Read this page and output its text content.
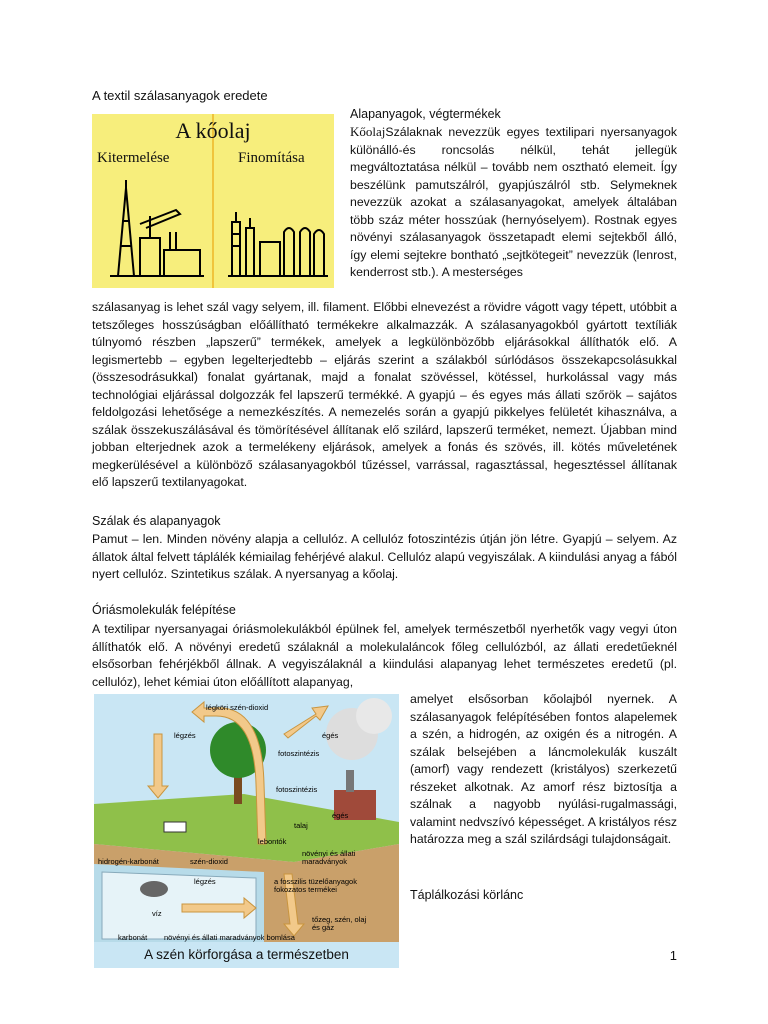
A textil szálasanyagok eredete
A kőolaj
Kitermelése	Finomítása
Alapanyagok, végtermékek
KőolajSzálaknak nevezzük egyes textilipari nyersanyagok különálló-és roncsolás nélkül, tehát jellegük megváltoztatása nélkül – tovább nem osztható elemeit. Így beszélünk pamutszálról, gyapjúszálról stb. Selymeknek nevezzük azokat a szálasanyagokat, amelyek általában több száz méter hosszúak (hernyóselyem). Rostnak egyes növényi szálasanyagok összetapadt elemi sejtekből álló, így elemi sejtekre bontható „sejtkötegeit” nevezzük (lenrost, kenderrost stb.). A mesterséges
szálasanyag is lehet szál vagy selyem, ill. filament. Előbbi elnevezést a rövidre vágott vagy tépett, utóbbit a tetszőleges hosszúságban előállítható termékekre alkalmazzák. A szálasanyagokból gyártott textíliák túlnyomó részben „lapszerű” termékek, amelyek a legkülönbözőbb eljárásokkal állíthatók elő. A legismertebb – egyben legelterjedtebb – eljárás szerint a szálakból súrlódásos összekapcsolásukkal (összesodrásukkal) fonalat gyártanak, majd a fonalat szövéssel, kötéssel, hurkolással vagy más technológiai eljárással dolgozzák fel lapszerű termékké. A gyapjú – és egyes más állati szőrök – sajátos feldolgozási lehetősége a nemezkészítés. A nemezelés során a gyapjú pikkelyes felületét kihasználva, a szálak összekuszálásával és tömörítésével állítanak elő szilárd, lapszerű terméket, nemezt. Újabban mind jobban elterjednek azok a termelékeny eljárások, amelyek a fonás és szövés, ill. kötés műveletének megkerülésével a különböző szálasanyagokból tűzéssel, varrással, ragasztással, hegesztéssel állítanak elő lapszerű textilanyagokat.
Szálak és alapanyagok
Pamut – len. Minden növény alapja a cellulóz. A cellulóz fotoszintézis útján jön létre. Gyapjú – selyem. Az állatok által felvett táplálék kémiailag fehérjévé alakul. Cellulóz alapú vegyiszálak. A kiindulási anyag a fából nyert cellulóz. Szintetikus szálak. A nyersanyag a kőolaj.
Óriásmolekulák felépítése
A textilipar nyersanyagai óriásmolekulákból épülnek fel, amelyek természetből nyerhetők vagy vegyi úton állíthatók elő. A növényi eredetű szálaknál a molekulaláncok főleg cellulózból, az állati eredetűeknél elsősorban fehérjékből állnak. A vegyiszálaknál a kiindulási alapanyag lehet természetes eredetű (pl. cellulóz), lehet kémiai úton előállított alapanyag,
légköri szén-dioxid
légzés	égés
fotoszintézis
fotoszintézis
égés
talaj
lebontók
növényi és állati maradványok
hidrogén-karbonát	szén-dioxid
légzés	a fosszilis tüzelőanyagok fokozatos termékei
víz
tőzeg, szén, olaj és gáz
karbonát növényi és állati maradványok bomlása
A szén körforgása a természetben
amelyet elsősorban kőolajból nyernek. A szálasanyagok felépítésében fontos alapelemek a szén, a hidrogén, az oxigén és a nitrogén. A szálak belsejében a láncmolekulák kuszált (amorf) vagy rendezett (kristályos) szerkezetű részeket alkotnak. Az amorf rész biztosítja a szálnak a nagyobb nyúlási-rugalmassági, valamint nedvszívó képességet. A kristályos rész határozza meg a szál szilárdsági tulajdonságait.
Táplálkozási körlánc
1
